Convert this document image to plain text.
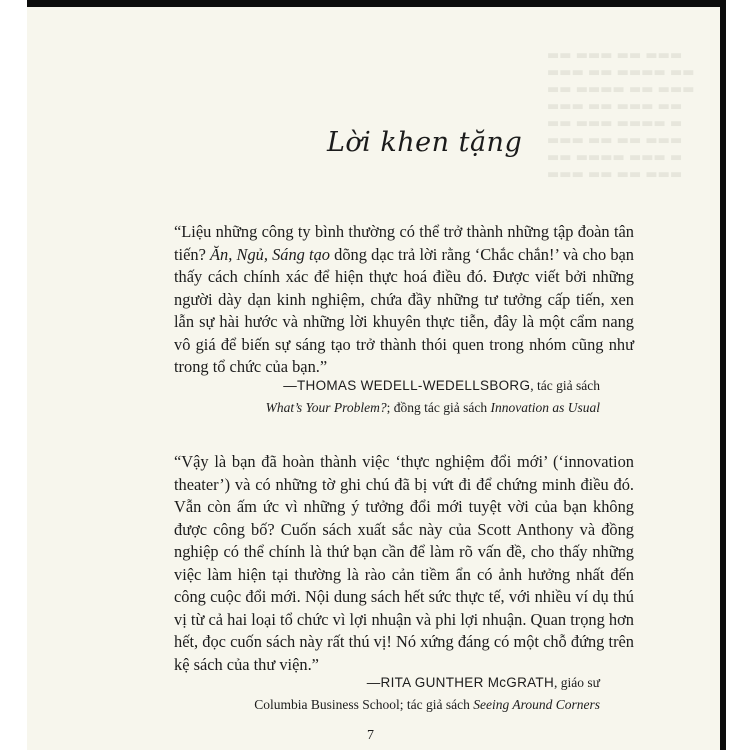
▬▬ ▬▬▬ ▬▬ ▬▬▬
▬▬▬ ▬▬ ▬▬▬▬ ▬▬
▬▬ ▬▬▬▬ ▬▬ ▬▬▬
▬▬▬ ▬▬ ▬▬▬ ▬▬
▬▬ ▬▬▬ ▬▬▬▬ ▬
▬▬▬ ▬▬ ▬▬ ▬▬▬
▬▬ ▬▬▬▬ ▬▬▬ ▬
▬▬▬ ▬▬ ▬▬ ▬▬▬
Lời khen tặng
“Liệu những công ty bình thường có thể trở thành những tập đoàn tân tiến? Ăn, Ngủ, Sáng tạo dõng dạc trả lời rằng ‘Chắc chắn!’ và cho bạn thấy cách chính xác để hiện thực hoá điều đó. Được viết bởi những người dày dạn kinh nghiệm, chứa đầy những tư tưởng cấp tiến, xen lẫn sự hài hước và những lời khuyên thực tiễn, đây là một cẩm nang vô giá để biến sự sáng tạo trở thành thói quen trong nhóm cũng như trong tổ chức của bạn.”
—THOMAS WEDELL-WEDELLSBORG, tác giả sách
What’s Your Problem?; đồng tác giả sách Innovation as Usual
“Vậy là bạn đã hoàn thành việc ‘thực nghiệm đổi mới’ (‘innovation theater’) và có những tờ ghi chú đã bị vứt đi để chứng minh điều đó. Vẫn còn ấm ức vì những ý tưởng đổi mới tuyệt vời của bạn không được công bố? Cuốn sách xuất sắc này của Scott Anthony và đồng nghiệp có thể chính là thứ bạn cần để làm rõ vấn đề, cho thấy những việc làm hiện tại thường là rào cản tiềm ẩn có ảnh hưởng nhất đến công cuộc đổi mới. Nội dung sách hết sức thực tế, với nhiều ví dụ thú vị từ cả hai loại tổ chức vì lợi nhuận và phi lợi nhuận. Quan trọng hơn hết, đọc cuốn sách này rất thú vị! Nó xứng đáng có một chỗ đứng trên kệ sách của thư viện.”
—RITA GUNTHER McGRATH, giáo sư
Columbia Business School; tác giả sách Seeing Around Corners
7
